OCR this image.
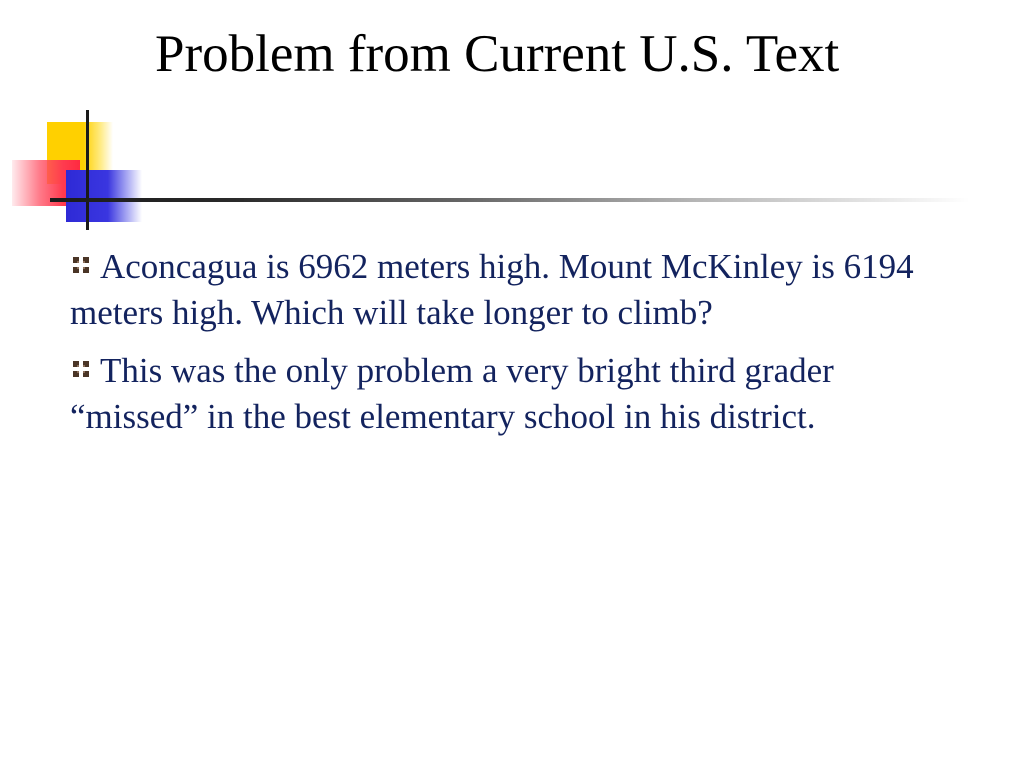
Problem from Current U.S. Text
Aconcagua is 6962 meters high. Mount McKinley is 6194 meters high. Which will take longer to climb?
This was the only problem a very bright third grader “missed” in the best elementary school in his district.
